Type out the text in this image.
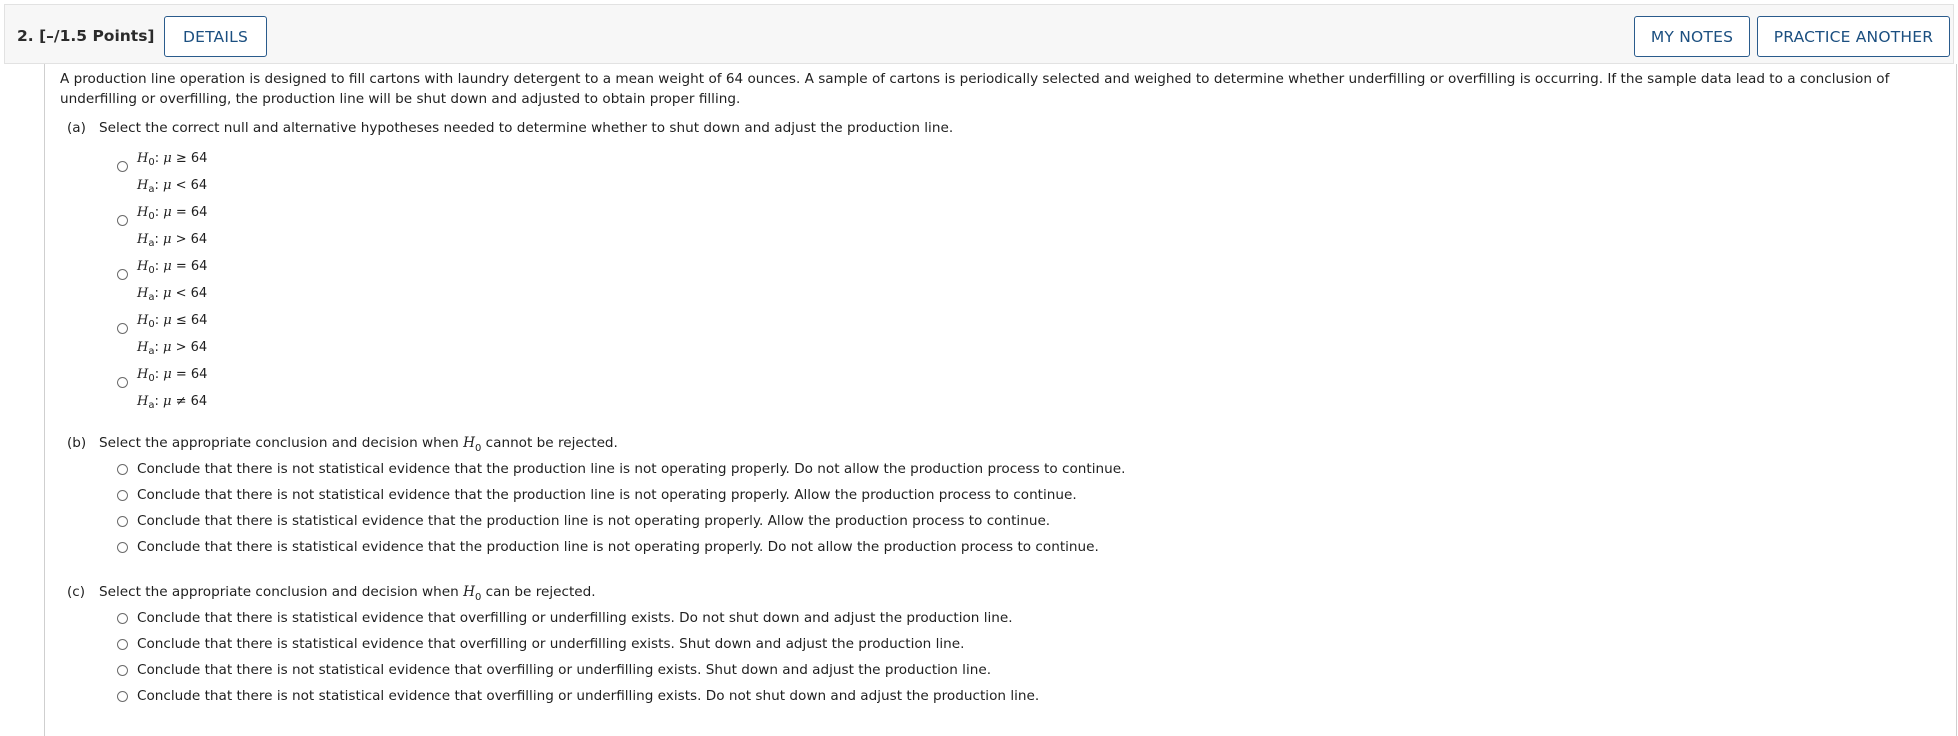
2. [–/1.5 Points]	DETAILS	MY NOTES	PRACTICE ANOTHER
A production line operation is designed to fill cartons with laundry detergent to a mean weight of 64 ounces. A sample of cartons is periodically selected and weighed to determine whether underfilling or overfilling is occurring. If the sample data lead to a conclusion of underfilling or overfilling, the production line will be shut down and adjusted to obtain proper filling.
(a) Select the correct null and alternative hypotheses needed to determine whether to shut down and adjust the production line.
$H_0$: μ ≥ 64
$H_a$: μ < 64
$H_0$: μ = 64
$H_a$: μ > 64
$H_0$: μ = 64
$H_a$: μ < 64
$H_0$: μ ≤ 64
$H_a$: μ > 64
$H_0$: μ = 64
$H_a$: μ ≠ 64
(b) Select the appropriate conclusion and decision when $H_0$ cannot be rejected.
Conclude that there is not statistical evidence that the production line is not operating properly. Do not allow the production process to continue.
Conclude that there is not statistical evidence that the production line is not operating properly. Allow the production process to continue.
Conclude that there is statistical evidence that the production line is not operating properly. Allow the production process to continue.
Conclude that there is statistical evidence that the production line is not operating properly. Do not allow the production process to continue.
(c) Select the appropriate conclusion and decision when $H_0$ can be rejected.
Conclude that there is statistical evidence that overfilling or underfilling exists. Do not shut down and adjust the production line.
Conclude that there is statistical evidence that overfilling or underfilling exists. Shut down and adjust the production line.
Conclude that there is not statistical evidence that overfilling or underfilling exists. Shut down and adjust the production line.
Conclude that there is not statistical evidence that overfilling or underfilling exists. Do not shut down and adjust the production line.
